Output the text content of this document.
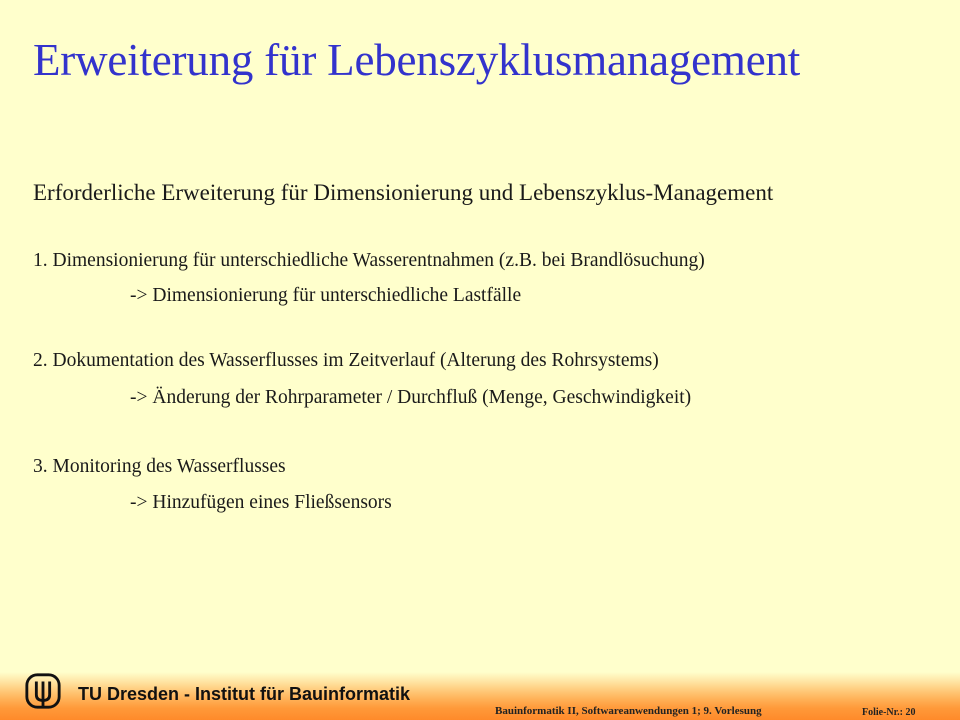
Erweiterung für Lebenszyklusmanagement
Erforderliche Erweiterung für Dimensionierung und Lebenszyklus-Management
1. Dimensionierung für unterschiedliche Wasserentnahmen (z.B. bei Brandlösuchung)
-> Dimensionierung für unterschiedliche Lastfälle
2. Dokumentation des Wasserflusses im Zeitverlauf (Alterung des Rohrsystems)
-> Änderung der Rohrparameter / Durchfluß (Menge, Geschwindigkeit)
3. Monitoring des Wasserflusses
-> Hinzufügen eines Fließsensors
TU Dresden - Institut für Bauinformatik
Bauinformatik II, Softwareanwendungen 1; 9. Vorlesung	Folie-Nr.: 20
